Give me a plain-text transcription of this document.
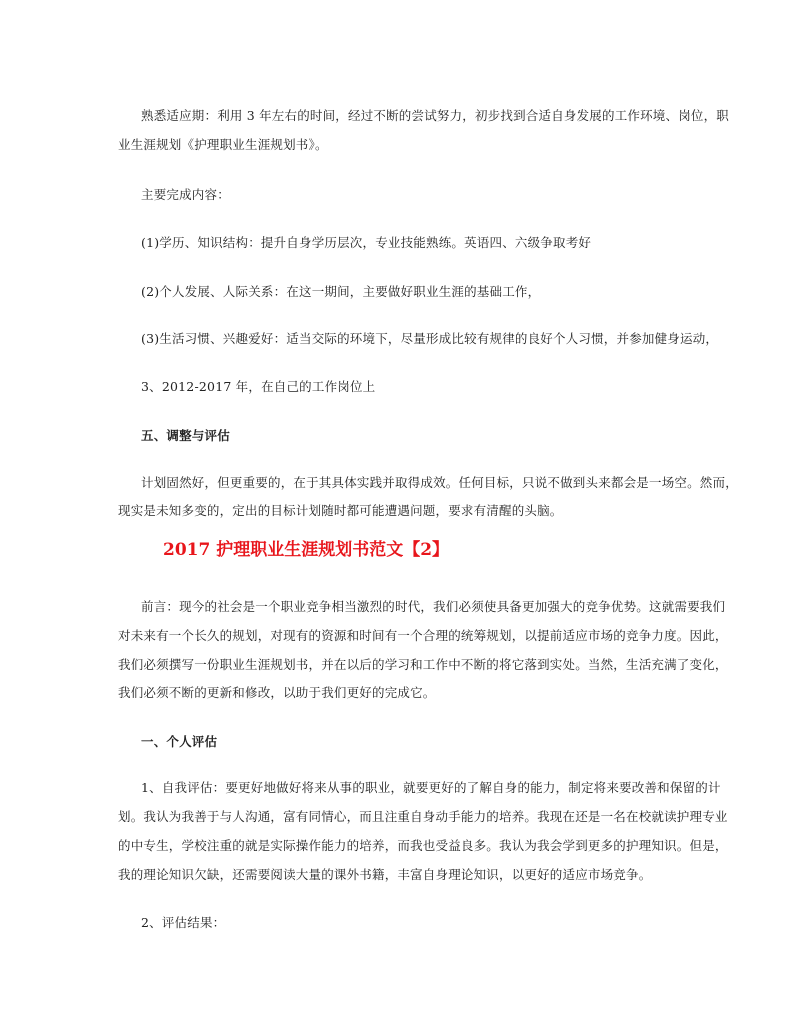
熟悉适应期：利用 3 年左右的时间，经过不断的尝试努力，初步找到合适自身发展的工作环境、岗位，职
业生涯规划《护理职业生涯规划书》。
主要完成内容：
(1)学历、知识结构：提升自身学历层次，专业技能熟练。英语四、六级争取考好
(2)个人发展、人际关系：在这一期间，主要做好职业生涯的基础工作，
(3)生活习惯、兴趣爱好：适当交际的环境下，尽量形成比较有规律的良好个人习惯，并参加健身运动，
3、2012-2017 年，在自己的工作岗位上
五、调整与评估
计划固然好，但更重要的，在于其具体实践并取得成效。任何目标，只说不做到头来都会是一场空。然而，
现实是未知多变的，定出的目标计划随时都可能遭遇问题，要求有清醒的头脑。
2017 护理职业生涯规划书范文【2】
前言：现今的社会是一个职业竞争相当激烈的时代，我们必须使具备更加强大的竞争优势。这就需要我们
对未来有一个长久的规划，对现有的资源和时间有一个合理的统筹规划，以提前适应市场的竞争力度。因此，
我们必须撰写一份职业生涯规划书，并在以后的学习和工作中不断的将它落到实处。当然，生活充满了变化，
我们必须不断的更新和修改，以助于我们更好的完成它。
一、个人评估
1、自我评估：要更好地做好将来从事的职业，就要更好的了解自身的能力，制定将来要改善和保留的计
划。我认为我善于与人沟通，富有同情心，而且注重自身动手能力的培养。我现在还是一名在校就读护理专业
的中专生，学校注重的就是实际操作能力的培养，而我也受益良多。我认为我会学到更多的护理知识。但是，
我的理论知识欠缺，还需要阅读大量的课外书籍，丰富自身理论知识，以更好的适应市场竞争。
2、评估结果：
